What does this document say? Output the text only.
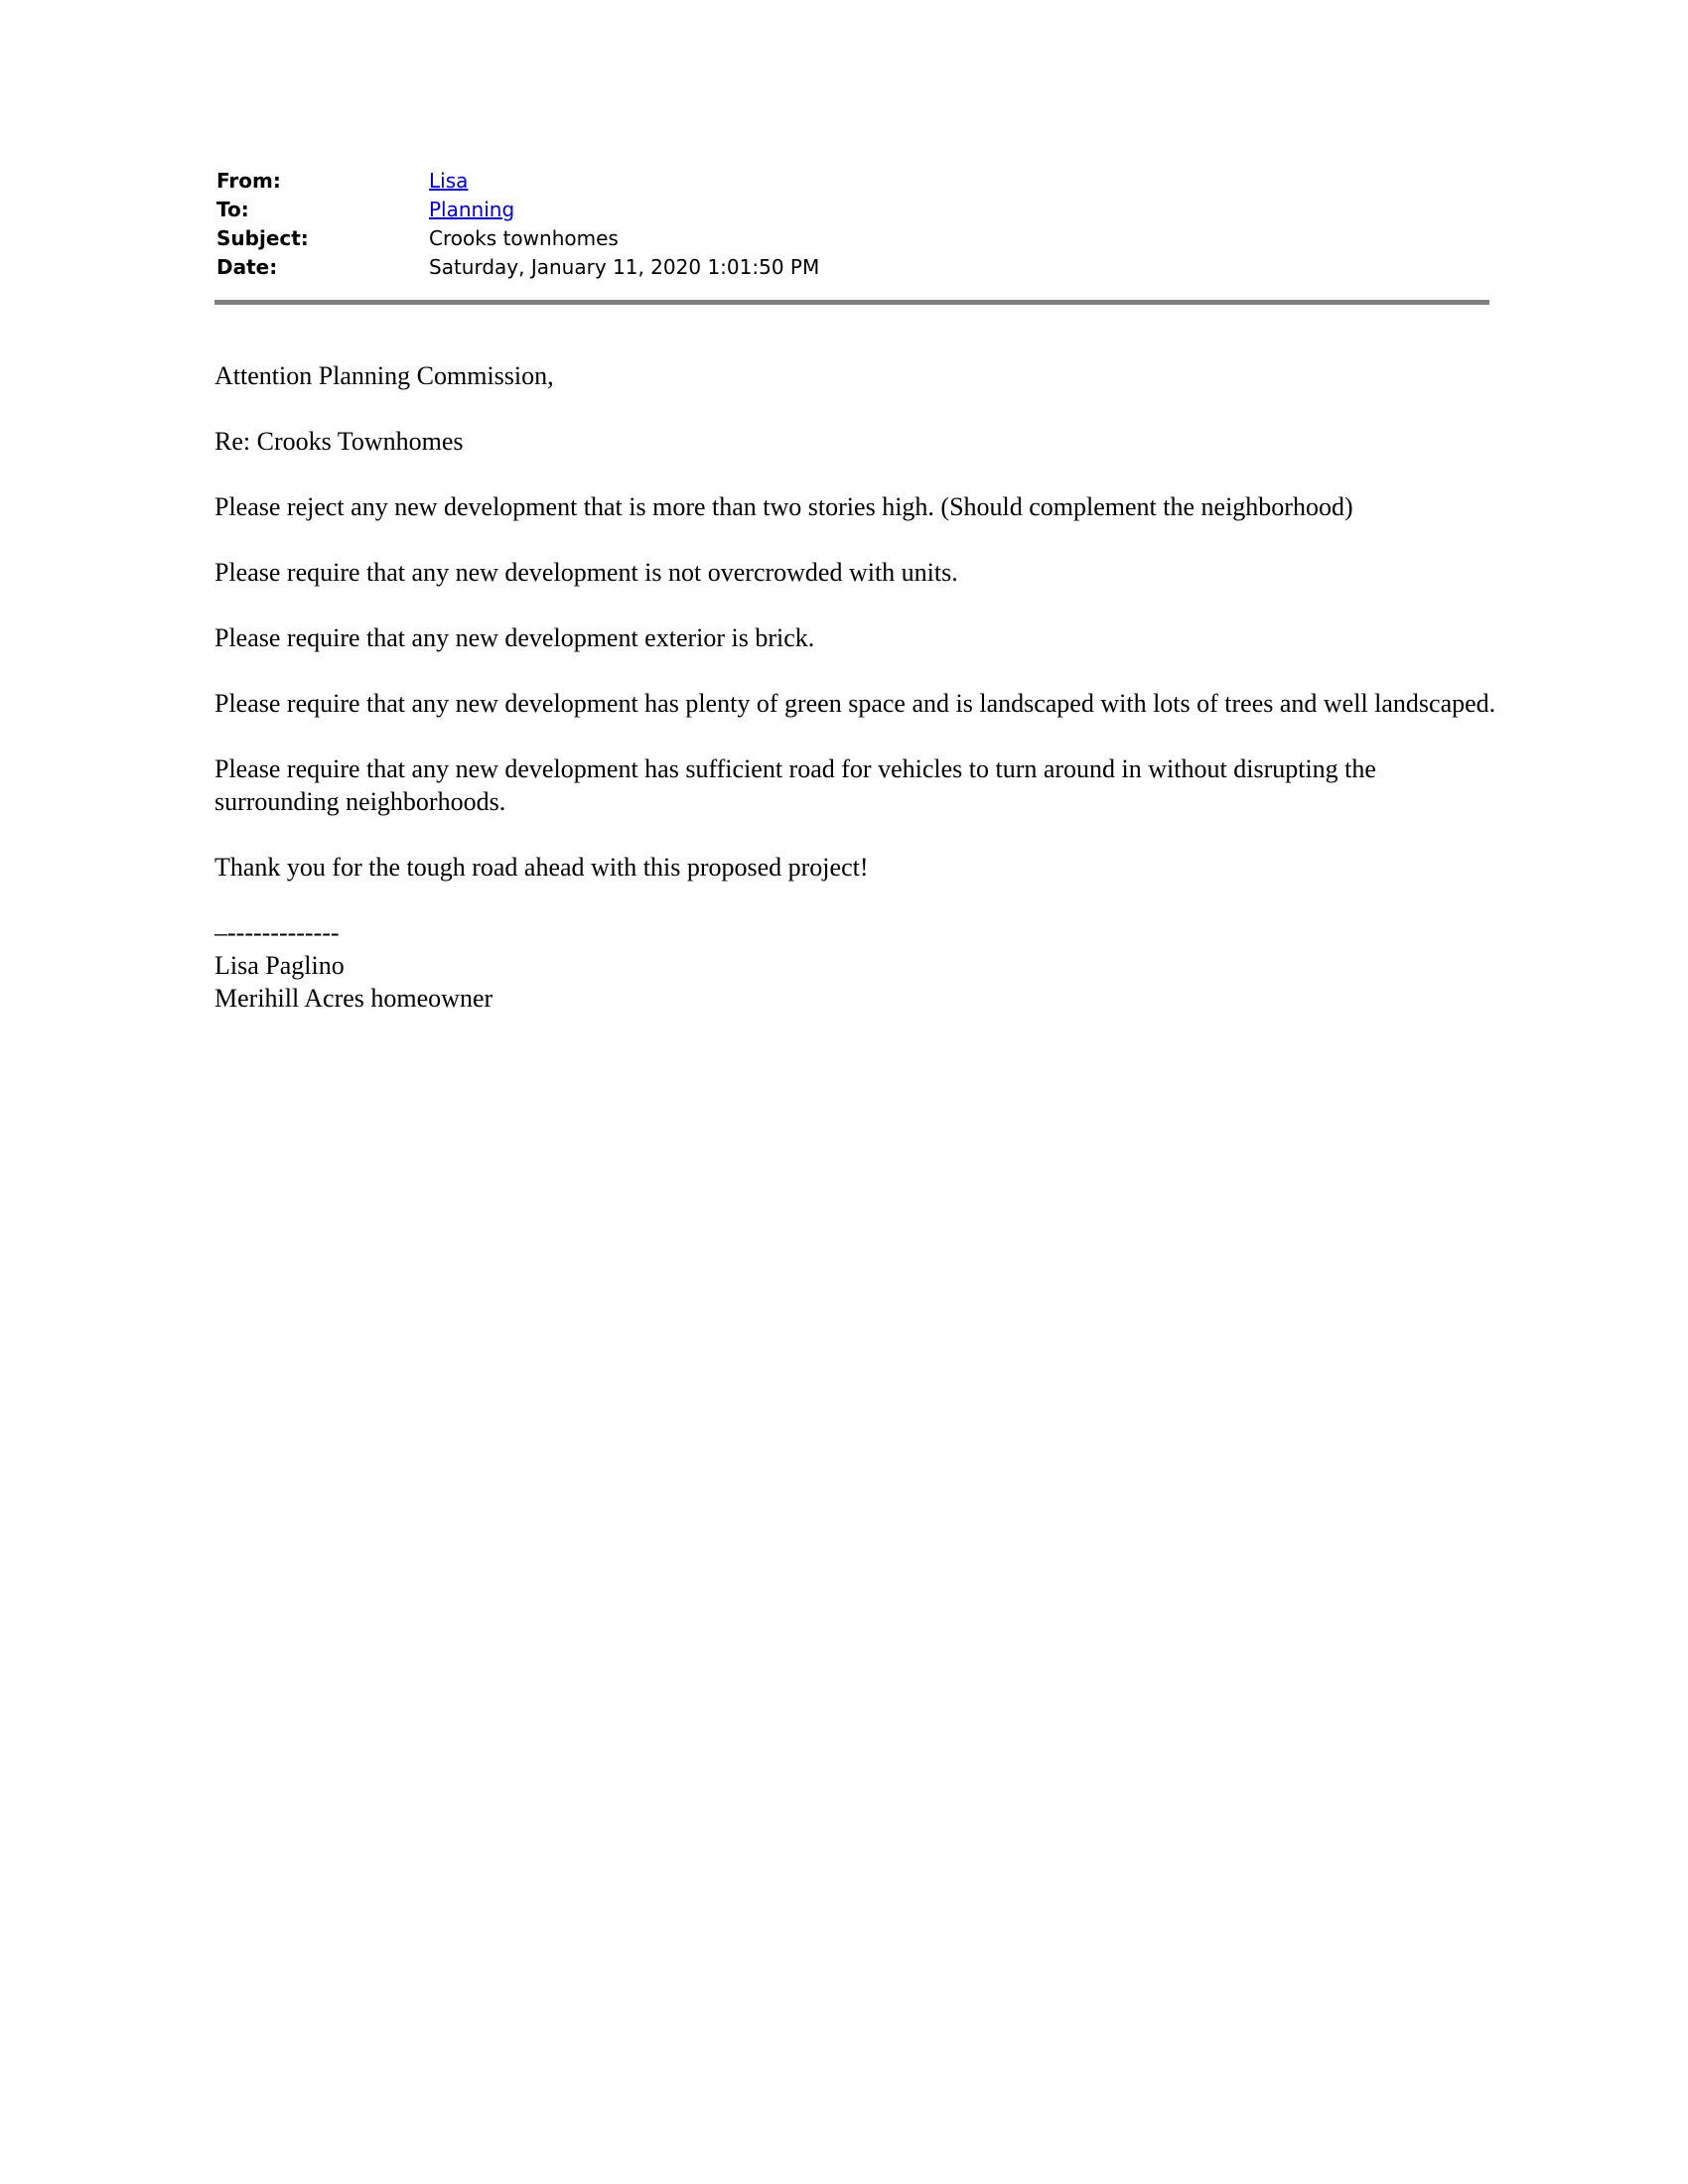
From:	Lisa
To:	Planning
Subject:	Crooks townhomes
Date:	Saturday, January 11, 2020 1:01:50 PM

Attention Planning Commission,

Re: Crooks Townhomes

Please reject any new development that is more than two stories high. (Should complement the neighborhood)

Please require that any new development is not overcrowded with units.

Please require that any new development exterior is brick.

Please require that any new development has plenty of green space and is landscaped with lots of trees and well landscaped.

Please require that any new development has sufficient road for vehicles to turn around in without disrupting the surrounding neighborhoods.

Thank you for the tough road ahead with this proposed project!

–-------------

Lisa Paglino

Merihill Acres homeowner
